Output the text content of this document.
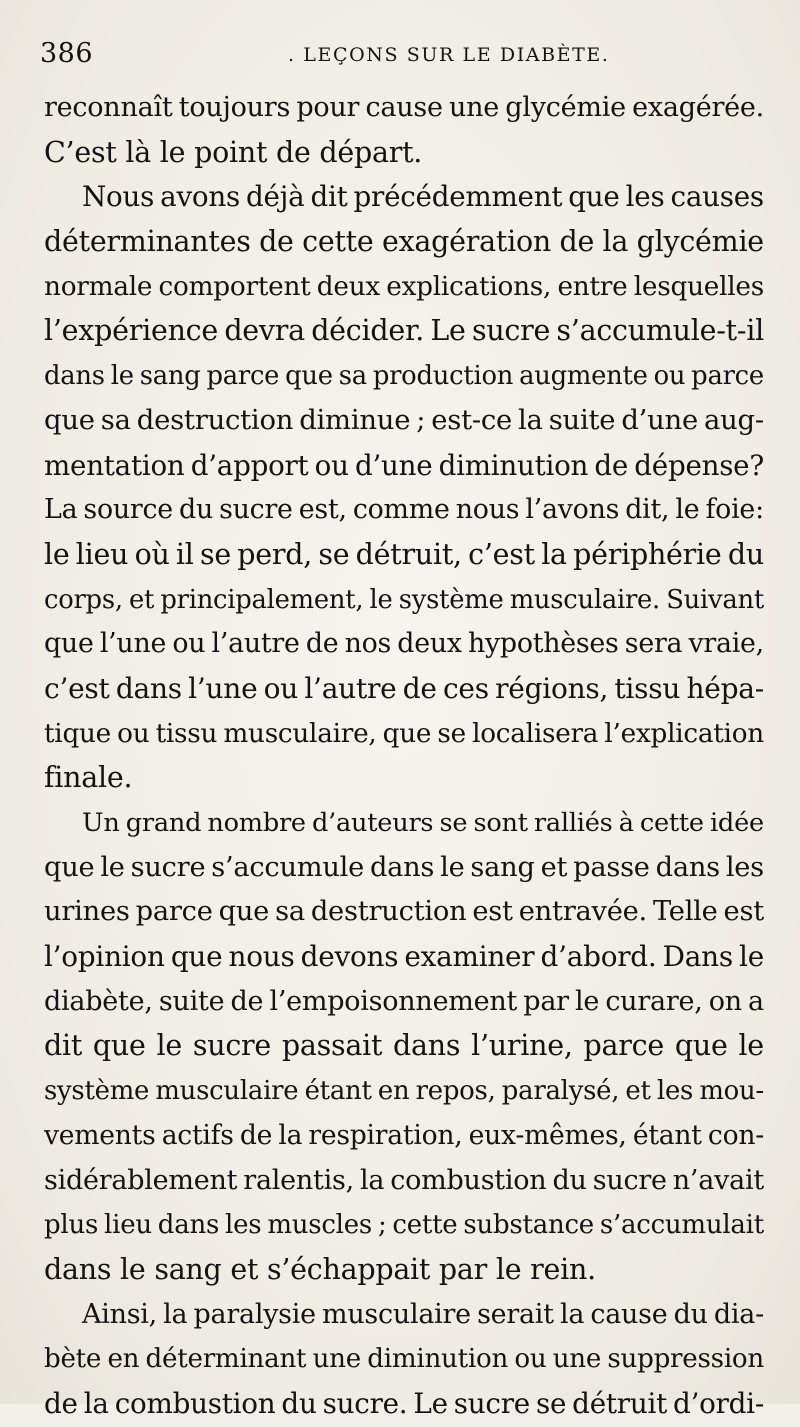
386	. LEÇONS SUR LE DIABÈTE.
reconnaît toujours pour cause une glycémie exagérée.
C’est là le point de départ.
Nous avons déjà dit précédemment que les causes
déterminantes de cette exagération de la glycémie
normale comportent deux explications, entre lesquelles
l’expérience devra décider. Le sucre s’accumule-t-il
dans le sang parce que sa production augmente ou parce
que sa destruction diminue ; est-ce la suite d’une aug-
mentation d’apport ou d’une diminution de dépense?
La source du sucre est, comme nous l’avons dit, le foie:
le lieu où il se perd, se détruit, c’est la périphérie du
corps, et principalement, le système musculaire. Suivant
que l’une ou l’autre de nos deux hypothèses sera vraie,
c’est dans l’une ou l’autre de ces régions, tissu hépa-
tique ou tissu musculaire, que se localisera l’explication
finale.
Un grand nombre d’auteurs se sont ralliés à cette idée
que le sucre s’accumule dans le sang et passe dans les
urines parce que sa destruction est entravée. Telle est
l’opinion que nous devons examiner d’abord. Dans le
diabète, suite de l’empoisonnement par le curare, on a
dit que le sucre passait dans l’urine, parce que le
système musculaire étant en repos, paralysé, et les mou-
vements actifs de la respiration, eux-mêmes, étant con-
sidérablement ralentis, la combustion du sucre n’avait
plus lieu dans les muscles ; cette substance s’accumulait
dans le sang et s’échappait par le rein.
Ainsi, la paralysie musculaire serait la cause du dia-
bète en déterminant une diminution ou une suppression
de la combustion du sucre. Le sucre se détruit d’ordi-
